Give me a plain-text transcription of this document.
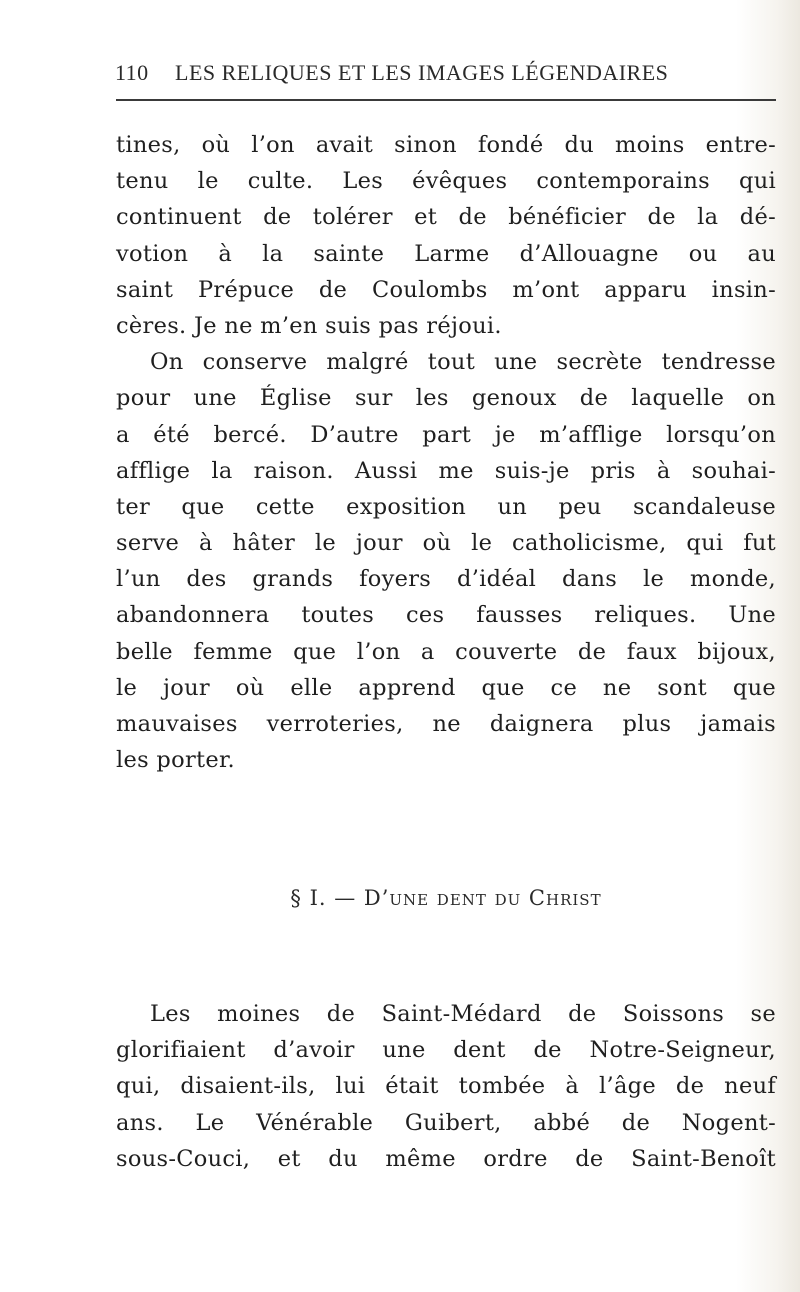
110 LES RELIQUES ET LES IMAGES LÉGENDAIRES
tines, où l’on avait sinon fondé du moins entre-
tenu le culte. Les évêques contemporains qui
continuent de tolérer et de bénéficier de la dé-
votion à la sainte Larme d’Allouagne ou au
saint Prépuce de Coulombs m’ont apparu insin-
cères. Je ne m’en suis pas réjoui.
On conserve malgré tout une secrète tendresse
pour une Église sur les genoux de laquelle on
a été bercé. D’autre part je m’afflige lorsqu’on
afflige la raison. Aussi me suis-je pris à souhai-
ter que cette exposition un peu scandaleuse
serve à hâter le jour où le catholicisme, qui fut
l’un des grands foyers d’idéal dans le monde,
abandonnera toutes ces fausses reliques. Une
belle femme que l’on a couverte de faux bijoux,
le jour où elle apprend que ce ne sont que
mauvaises verroteries, ne daignera plus jamais
les porter.
§ I. — D’une dent du Christ
Les moines de Saint-Médard de Soissons se
glorifiaient d’avoir une dent de Notre-Seigneur,
qui, disaient-ils, lui était tombée à l’âge de neuf
ans. Le Vénérable Guibert, abbé de Nogent-
sous-Couci, et du même ordre de Saint-Benoît
